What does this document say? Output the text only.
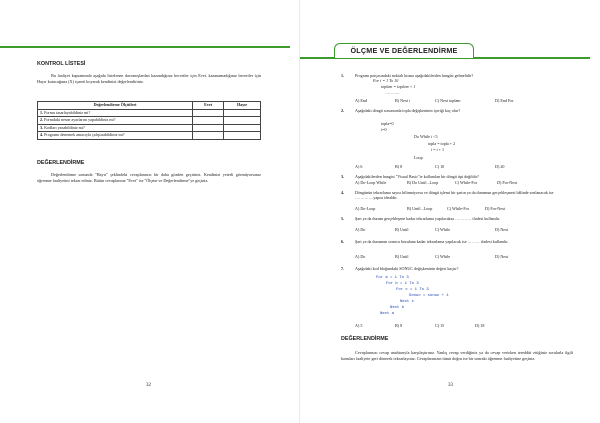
KONTROL LİSTESİ

Bu faaliyet kapsamında aşağıda listelenen davranışlardan kazandığınız beceriler için Evet, kazanamadığınız beceriler için Hayır kutucuğuna (X) işareti koyarak kendinizi değerlendiriniz.

Değerlendirme Ölçütleri	Evet	Hayır
1. Formu tasarlayabildiniz mi?		
2. Formdaki nesne ayarlarını yapabildiniz mi?		
3. Kodları yazabildiniz mi?		
4. Programı denemek amacıyla çalıştırabildiniz mi?		

DEĞERLENDİRME

Değerlendirme sonunda "Hayır" şeklindeki cevaplarınızı bir daha gözden geçiriniz. Kendinizi yeterli görmüyorsanız öğrenme faaliyetini tekrar ediniz. Bütün cevaplarınız "Evet" ise "Ölçme ve Değerlendirme"ye geçiniz.

32

ÖLÇME VE DEĞERLENDİRME
1.	Program parçasındaki noktalı kısma aşağıdakilerden hangisi gelmelidir?
For i = 1 To 10
toplam = toplam + 1
………..
A) End	B) Next i	C) Next toplam	D) End For
2.	Aşağıdaki döngü sonucunda topla değişkeninin içeriği kaç olur?
topla=0
i=0
Do While i <5
topla = topla + 2
i = i + 1
Loop
A) 6	B) 8	C) 10	D) 20
3.	Aşağıdakilerden hangisi "Visual Basic"te kullanılan bir döngü tipi değildir?
A) Do-Loop While	B) Do Until –Loop	C) While-For	D) For-Next
4.	Döngünün tekrarlama sayısı bilinmiyorsa ve döngü işlemi bir şartın ya da durumun gerçekleşmesi hâlinde sonlanacak ise …………..yapısı idealdir.
A) Do-Loop	B) Until –Loop	C) While-For	D) For-Next
5.	Şart ya da durum gerçekleşene kadar tekrarlama yapılacaksa ………… ifadesi kullanılır.
A) Do	B) Until	C) While	D) Next
6.	Şart ya da durumun sonucu bozulana kadar tekrarlama yapılacak ise ……… ifadesi kullanılır.
A) Do	B) Until	C) While	D) Next
7.	Aşağıdaki kod bloğundaki SONUC değişkeninin değeri kaçtır?
For a = 1 To 3
For b = 1 To 3
For c = 1 To 3
Sonuc = sonuc + 1
Next c
Next b
Next a
A) 5	B) 8	C) 15	D) 18

DEĞERLENDİRME

Cevaplarınızı cevap anahtarıyla karşılaştırınız. Yanlış cevap verdiğiniz ya da cevap verirken tereddüt ettiğiniz sorularla ilgili konuları faaliyete geri dönerek tekrarlayınız. Cevaplarınızın tümü doğru ise bir sonraki öğrenme faaliyetine geçiniz.

33
